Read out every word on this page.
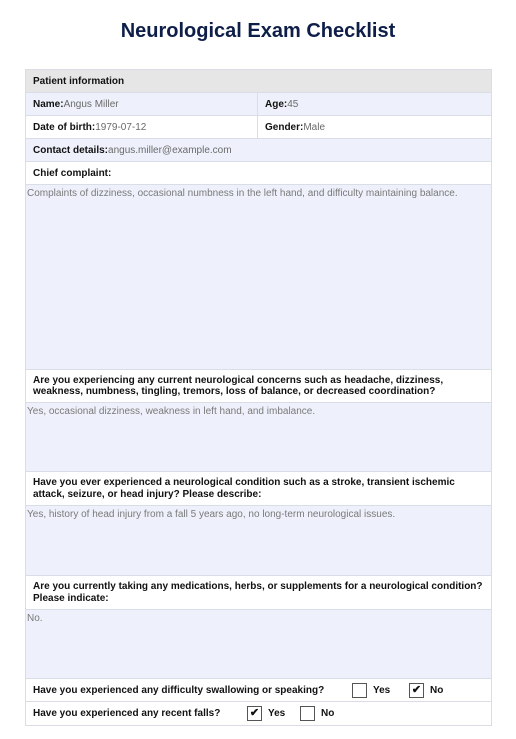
Neurological Exam Checklist
Patient information
Name: Angus Miller	Age: 45
Date of birth: 1979-07-12	Gender: Male
Contact details: angus.miller@example.com
Chief complaint:
Complaints of dizziness, occasional numbness in the left hand, and difficulty maintaining balance.
Are you experiencing any current neurological concerns such as headache, dizziness, weakness, numbness, tingling, tremors, loss of balance, or decreased coordination?
Yes, occasional dizziness, weakness in left hand, and imbalance.
Have you ever experienced a neurological condition such as a stroke, transient ischemic attack, seizure, or head injury? Please describe:
Yes, history of head injury from a fall 5 years ago, no long-term neurological issues.
Are you currently taking any medications, herbs, or supplements for a neurological condition? Please indicate:
No.
Have you experienced any difficulty swallowing or speaking?	Yes ✔ No
Have you experienced any recent falls?	✔ Yes	No
